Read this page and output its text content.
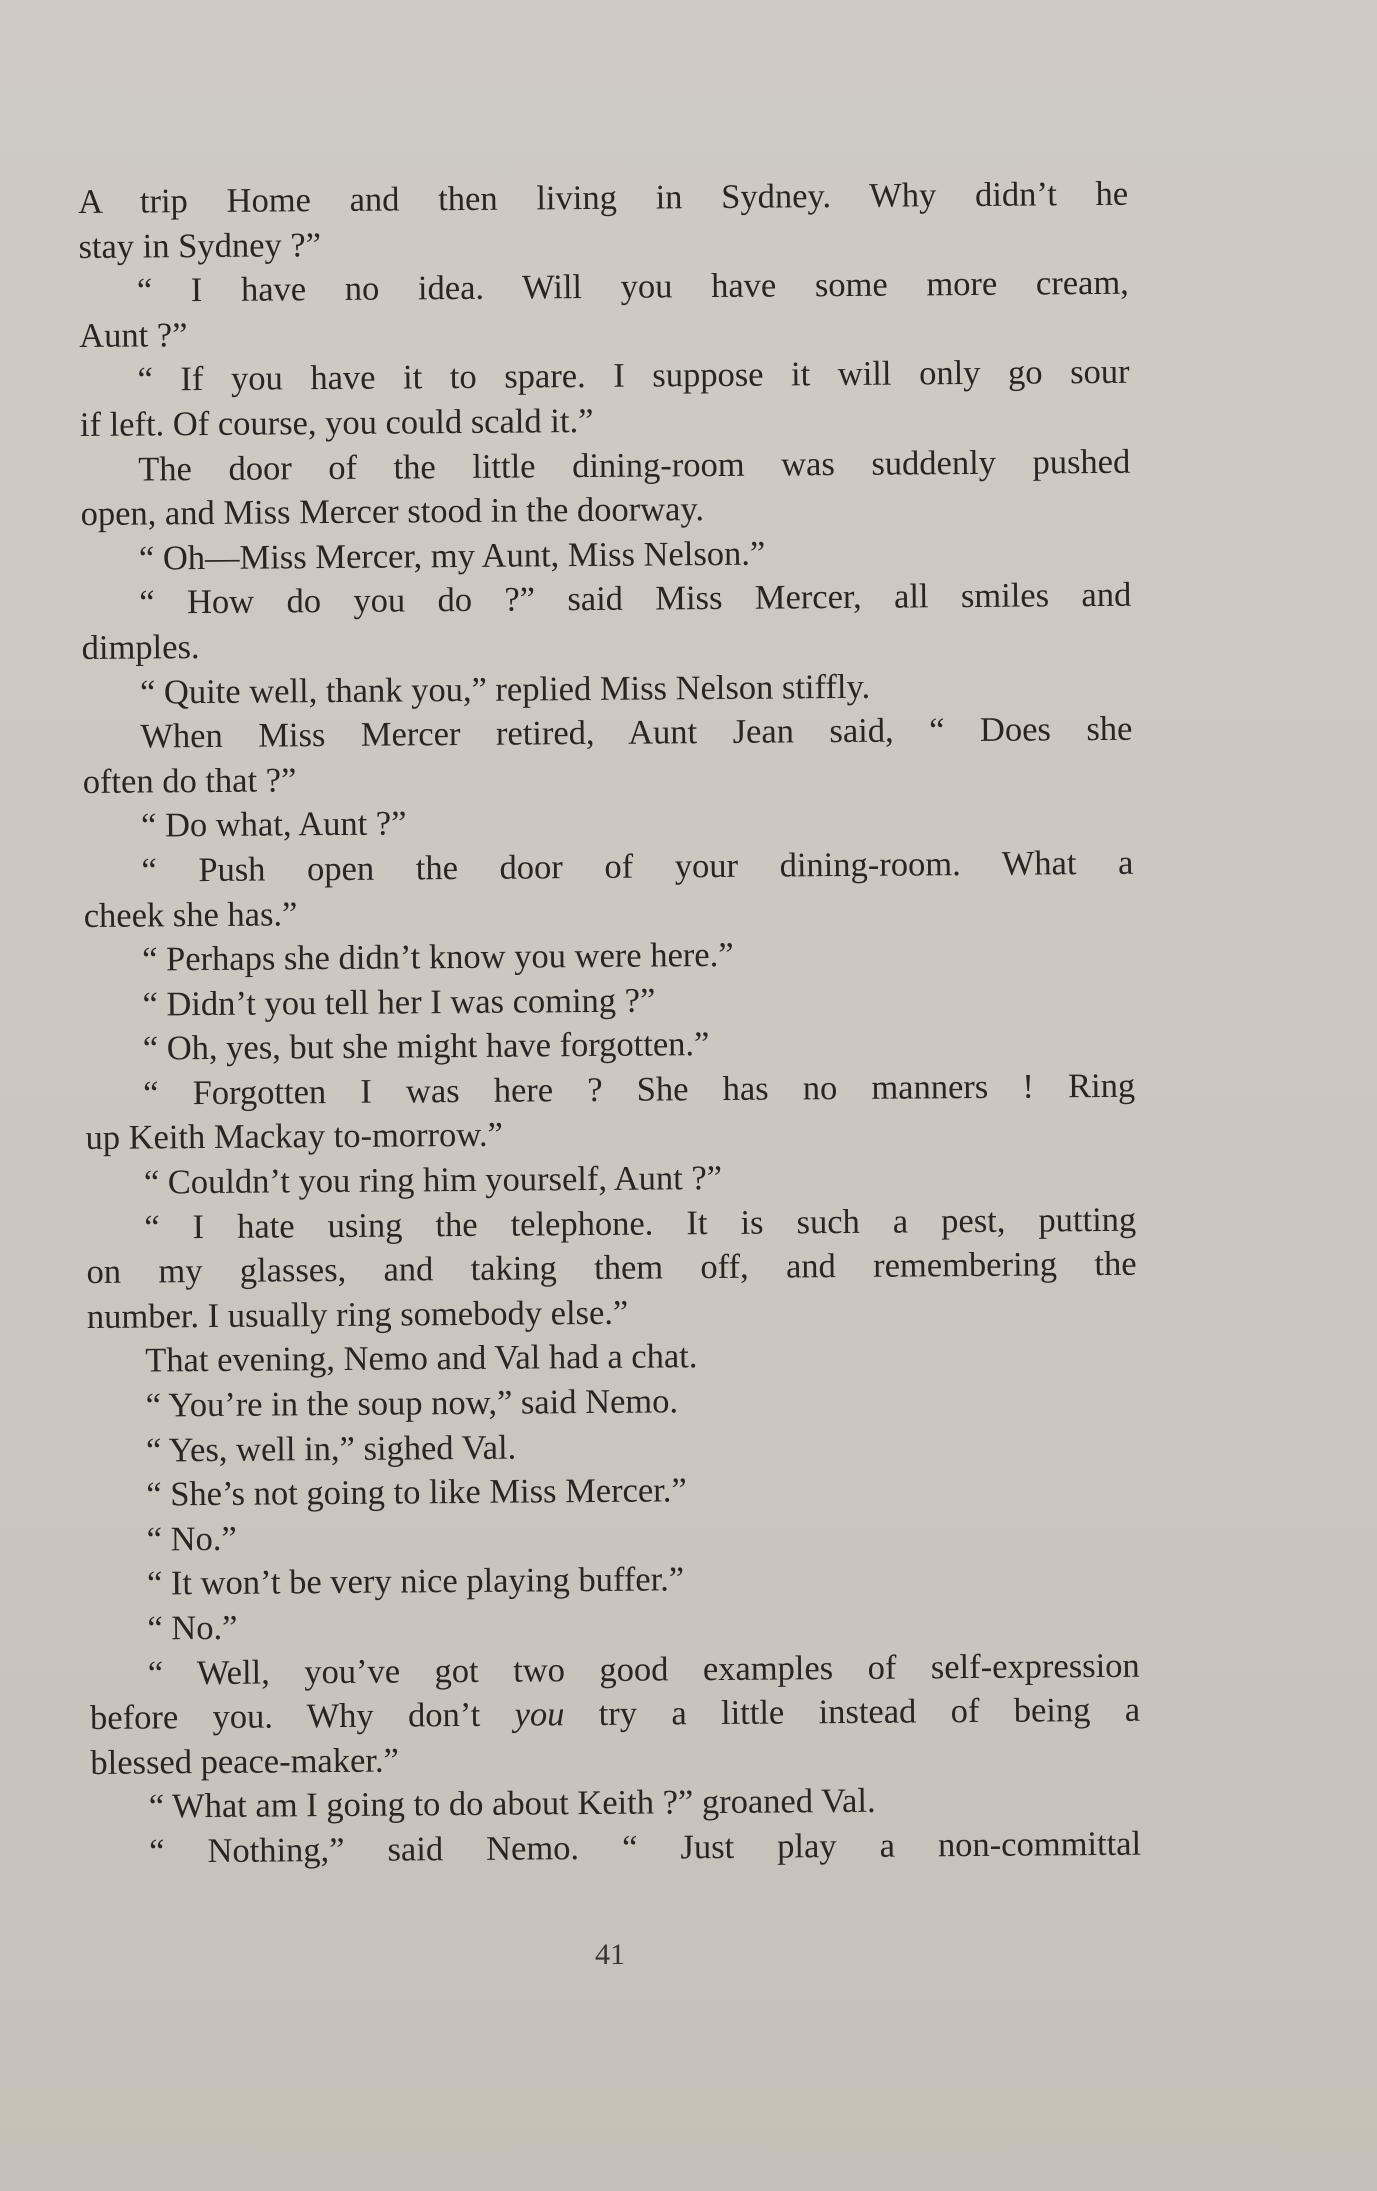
A trip Home and then living in Sydney. Why didn’t he

stay in Sydney ?”

“ I have no idea. Will you have some more cream,

Aunt ?”

“ If you have it to spare. I suppose it will only go sour

if left. Of course, you could scald it.”

The door of the little dining-room was suddenly pushed

open, and Miss Mercer stood in the doorway.

“ Oh—Miss Mercer, my Aunt, Miss Nelson.”

“ How do you do ?” said Miss Mercer, all smiles and

dimples.

“ Quite well, thank you,” replied Miss Nelson stiffly.

When Miss Mercer retired, Aunt Jean said, “ Does she

often do that ?”

“ Do what, Aunt ?”

“ Push open the door of your dining-room. What a

cheek she has.”

“ Perhaps she didn’t know you were here.”

“ Didn’t you tell her I was coming ?”

“ Oh, yes, but she might have forgotten.”

“ Forgotten I was here ? She has no manners ! Ring

up Keith Mackay to-morrow.”

“ Couldn’t you ring him yourself, Aunt ?”

“ I hate using the telephone. It is such a pest, putting

on my glasses, and taking them off, and remembering the

number. I usually ring somebody else.”

That evening, Nemo and Val had a chat.

“ You’re in the soup now,” said Nemo.

“ Yes, well in,” sighed Val.

“ She’s not going to like Miss Mercer.”

“ No.”

“ It won’t be very nice playing buffer.”

“ No.”

“ Well, you’ve got two good examples of self-expression

before you. Why don’t you try a little instead of being a

blessed peace-maker.”

“ What am I going to do about Keith ?” groaned Val.

“ Nothing,” said Nemo. “ Just play a non-committal

41
